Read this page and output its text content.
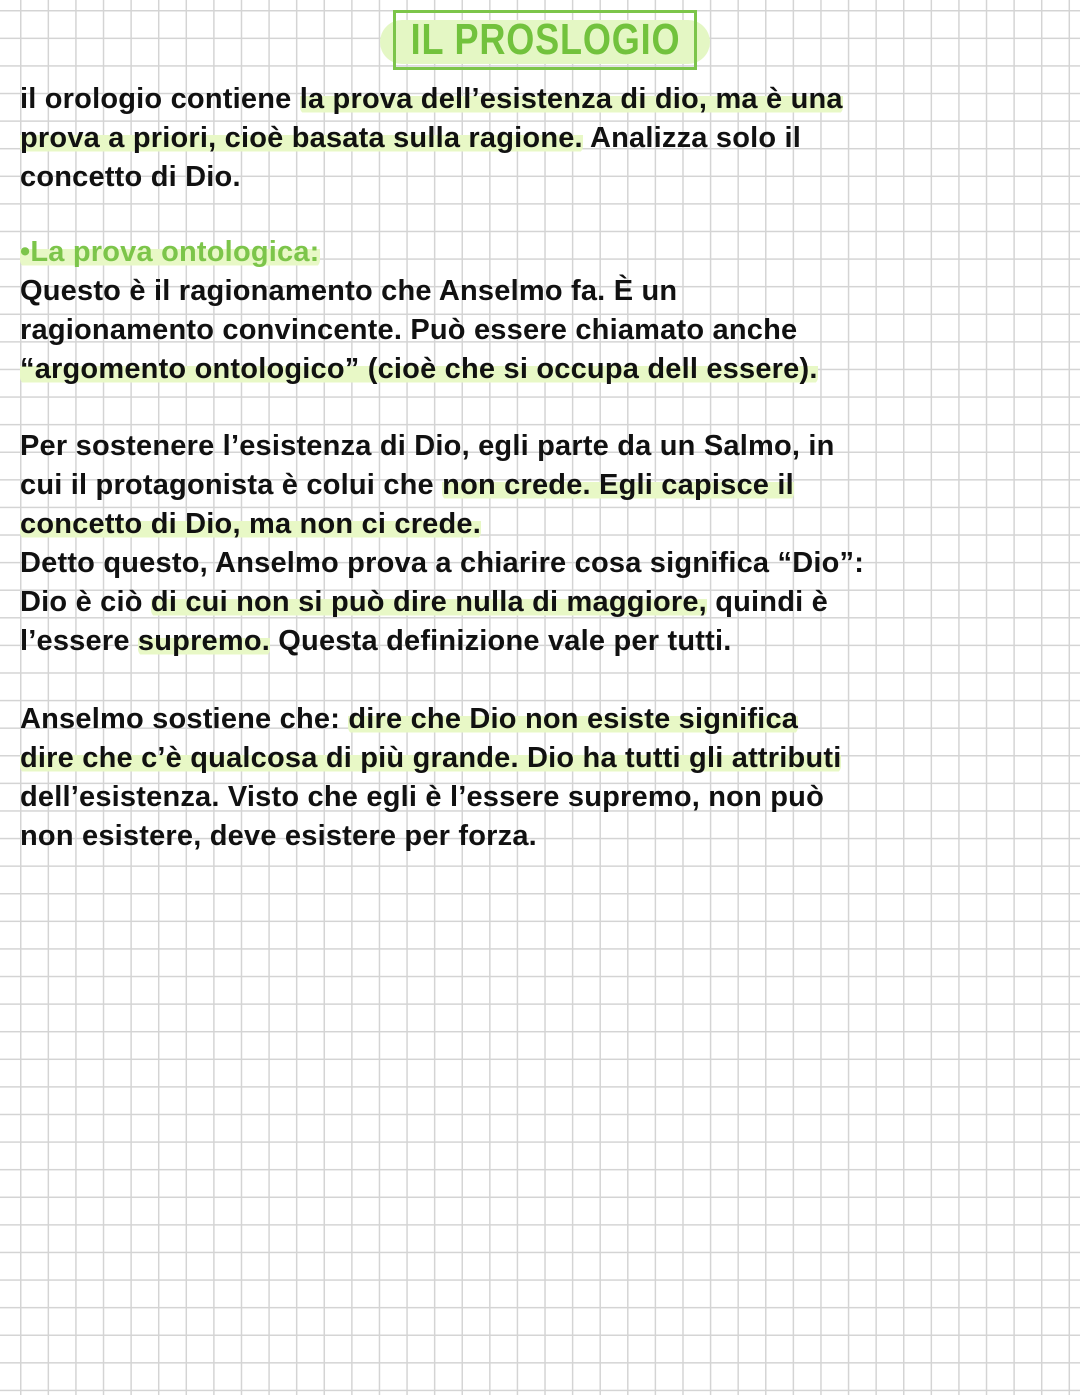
IL PROSLOGIO
il orologio contiene la prova dell’esistenza di dio, ma è una
prova a priori, cioè basata sulla ragione. Analizza solo il
concetto di Dio.
•La prova ontologica:
Questo è il ragionamento che Anselmo fa. È un
ragionamento convincente. Può essere chiamato anche
“argomento ontologico” (cioè che si occupa dell essere).
Per sostenere l’esistenza di Dio, egli parte da un Salmo, in
cui il protagonista è colui che non crede. Egli capisce il
concetto di Dio, ma non ci crede.
Detto questo, Anselmo prova a chiarire cosa significa “Dio”:
Dio è ciò di cui non si può dire nulla di maggiore, quindi è
l’essere supremo. Questa definizione vale per tutti.
Anselmo sostiene che: dire che Dio non esiste significa
dire che c’è qualcosa di più grande. Dio ha tutti gli attributi
dell’esistenza. Visto che egli è l’essere supremo, non può
non esistere, deve esistere per forza.
